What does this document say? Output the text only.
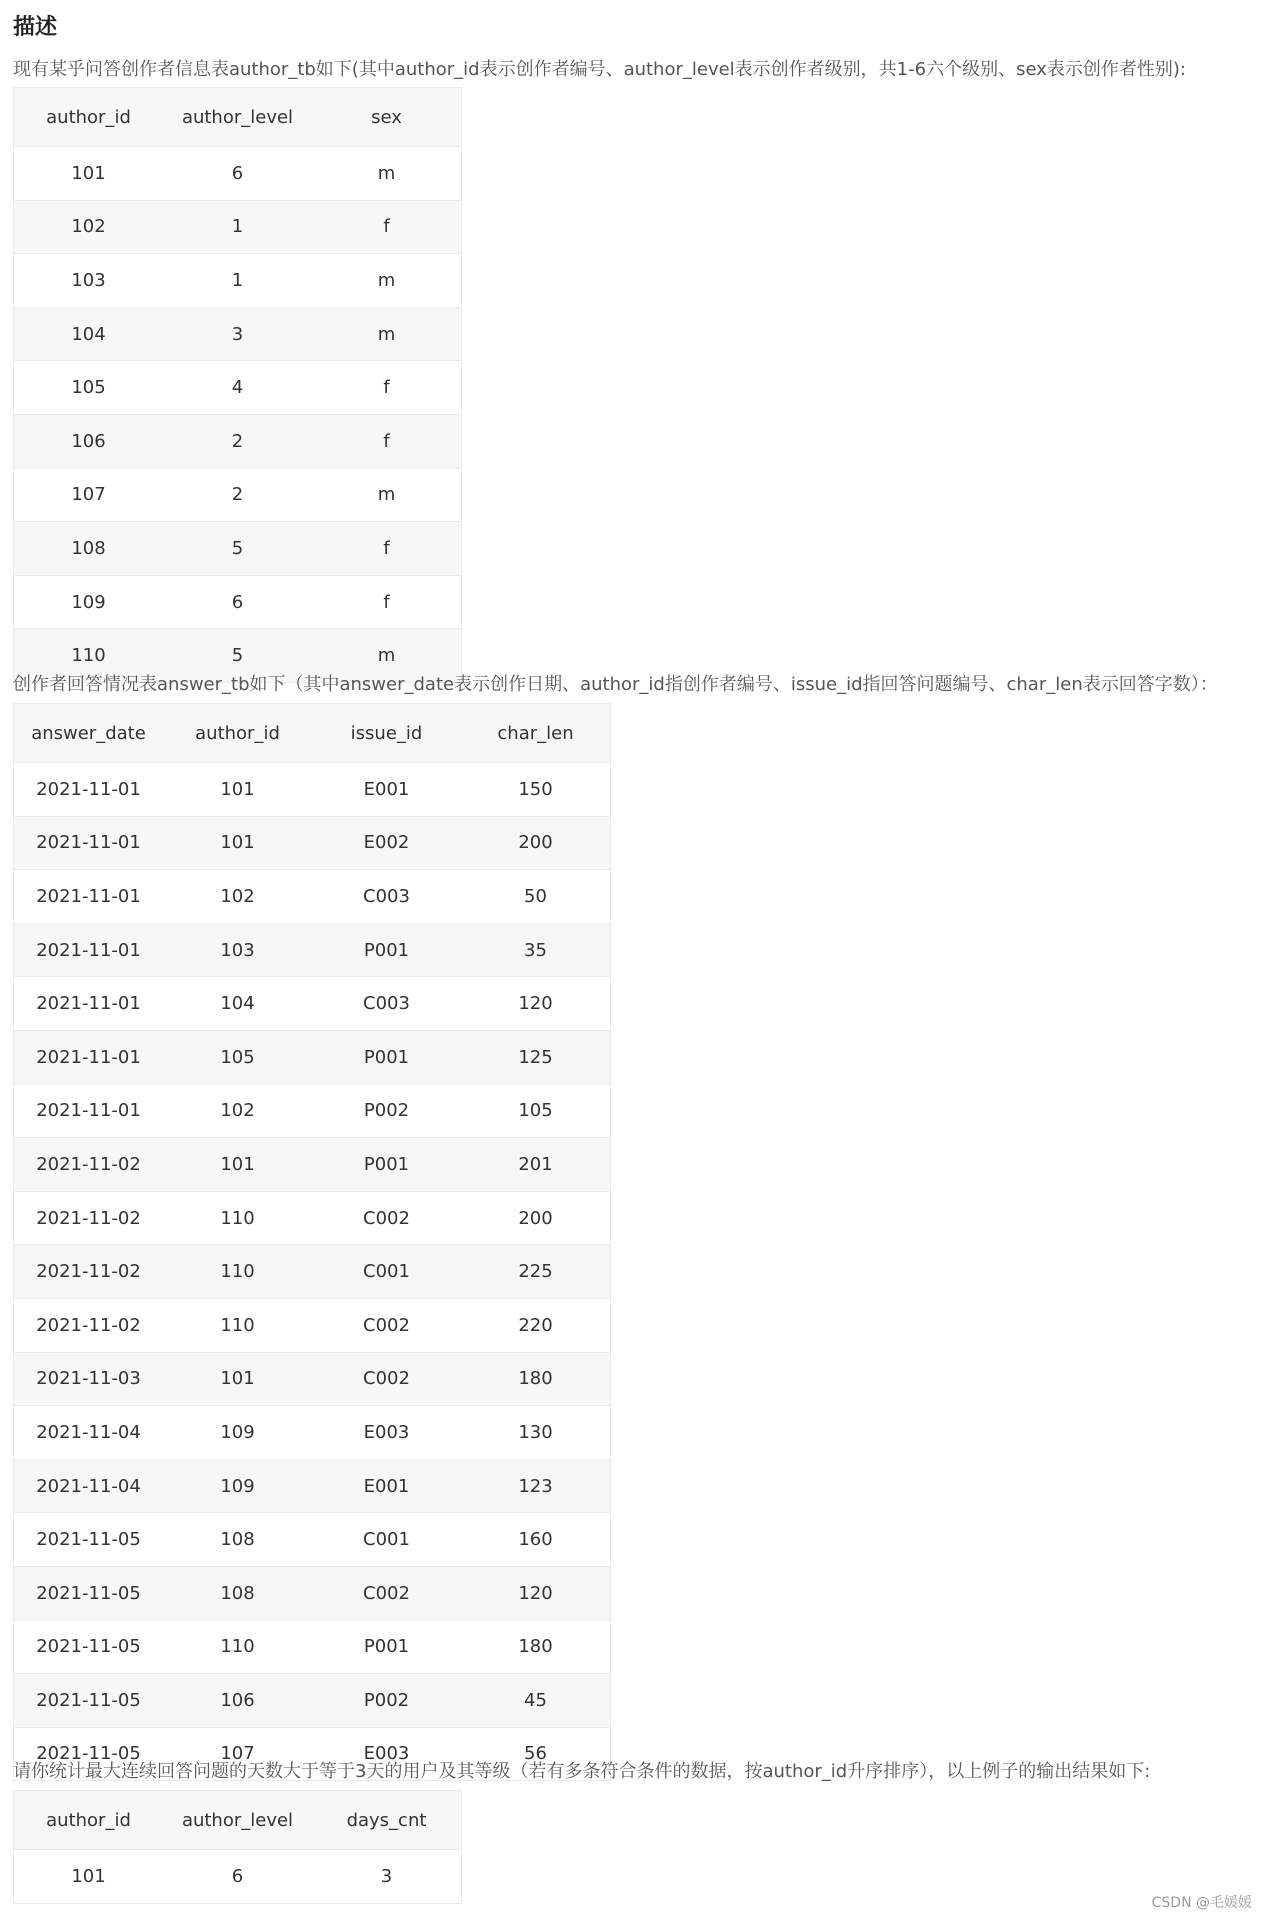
描述

现有某乎问答创作者信息表author_tb如下(其中author_id表示创作者编号、author_level表示创作者级别，共1-6六个级别、sex表示创作者性别):

author_id	author_level	sex
101	6	m
102	1	f
103	1	m
104	3	m
105	4	f
106	2	f
107	2	m
108	5	f
109	6	f
110	5	m

创作者回答情况表answer_tb如下（其中answer_date表示创作日期、author_id指创作者编号、issue_id指回答问题编号、char_len表示回答字数）：

answer_date	author_id	issue_id	char_len
2021-11-01	101	E001	150
2021-11-01	101	E002	200
2021-11-01	102	C003	50
2021-11-01	103	P001	35
2021-11-01	104	C003	120
2021-11-01	105	P001	125
2021-11-01	102	P002	105
2021-11-02	101	P001	201
2021-11-02	110	C002	200
2021-11-02	110	C001	225
2021-11-02	110	C002	220
2021-11-03	101	C002	180
2021-11-04	109	E003	130
2021-11-04	109	E001	123
2021-11-05	108	C001	160
2021-11-05	108	C002	120
2021-11-05	110	P001	180
2021-11-05	106	P002	45
2021-11-05	107	E003	56

请你统计最大连续回答问题的天数大于等于3天的用户及其等级（若有多条符合条件的数据，按author_id升序排序），以上例子的输出结果如下:

author_id	author_level	days_cnt
101	6	3
CSDN @毛媛媛
